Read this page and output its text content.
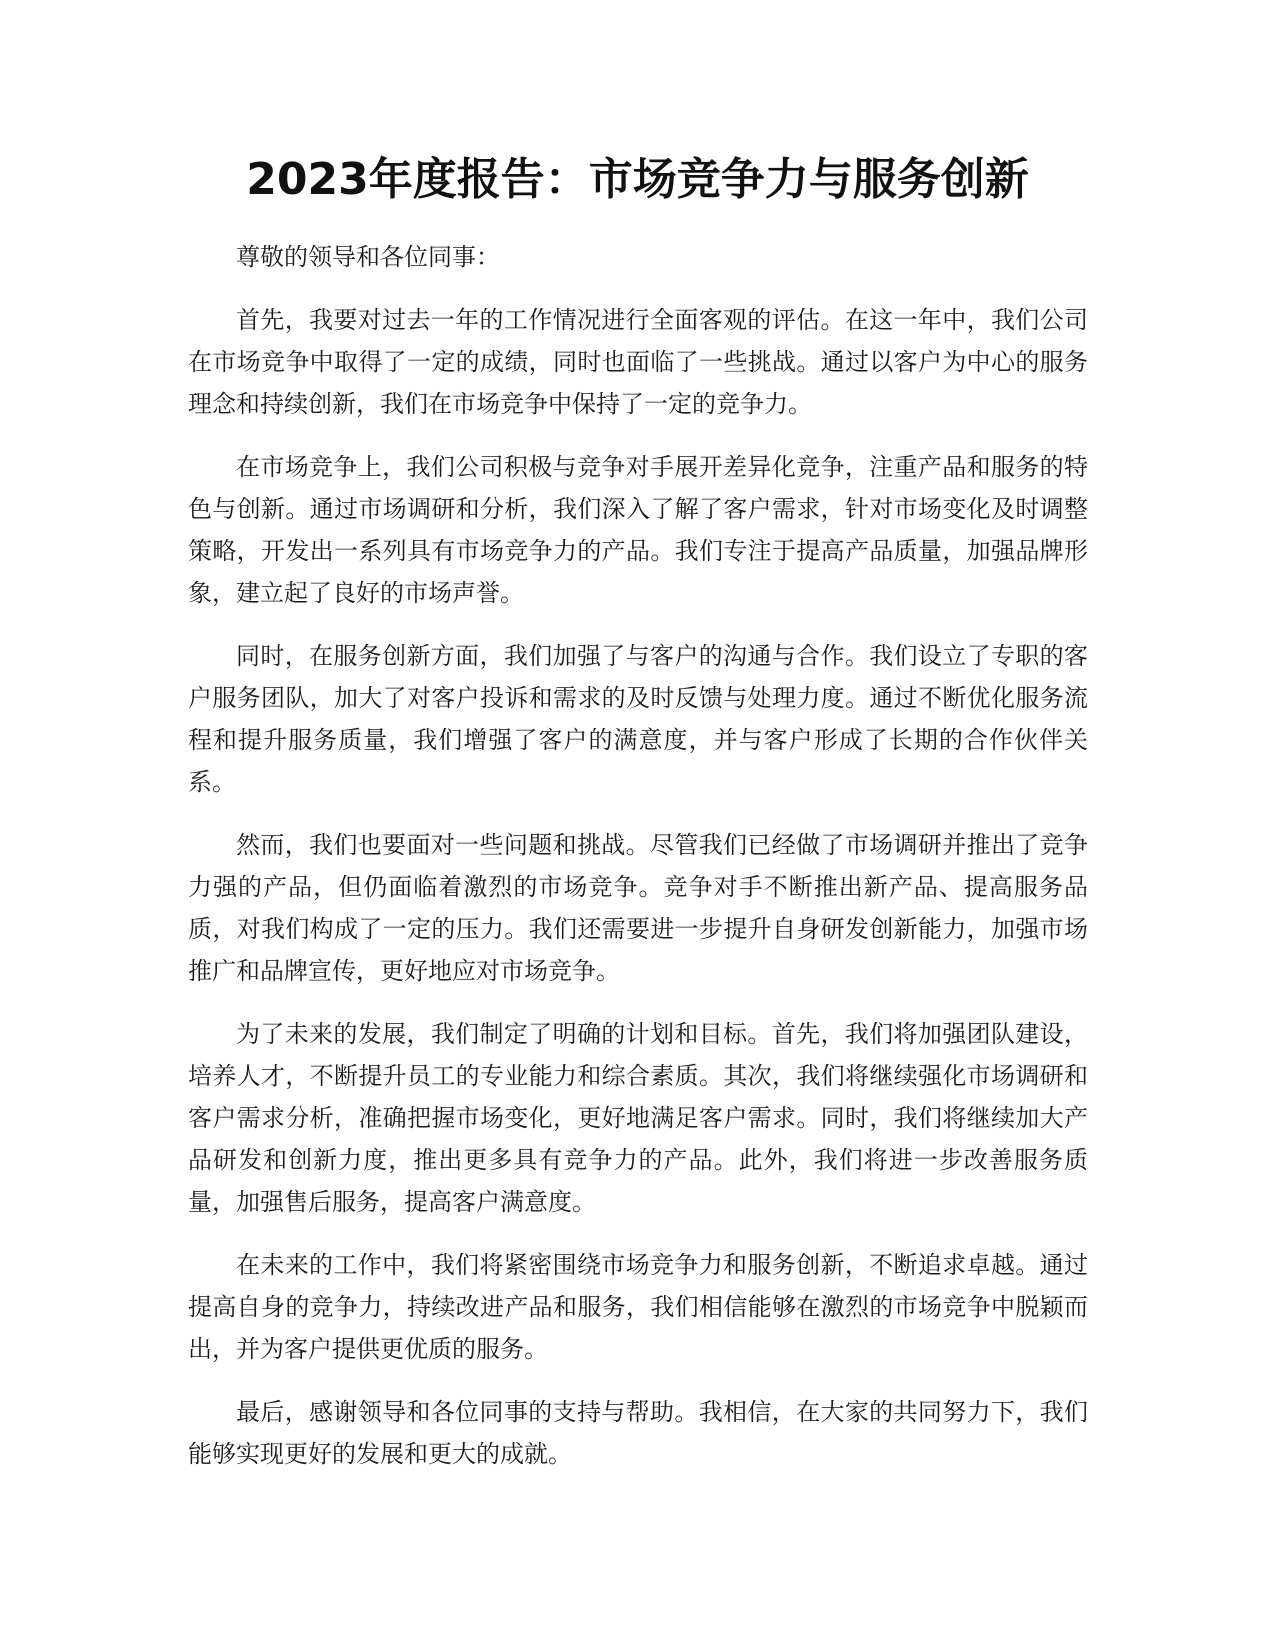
2023年度报告：市场竞争力与服务创新

尊敬的领导和各位同事：

首先，我要对过去一年的工作情况进行全面客观的评估。在这一年中，我们公司在市场竞争中取得了一定的成绩，同时也面临了一些挑战。通过以客户为中心的服务理念和持续创新，我们在市场竞争中保持了一定的竞争力。

在市场竞争上，我们公司积极与竞争对手展开差异化竞争，注重产品和服务的特色与创新。通过市场调研和分析，我们深入了解了客户需求，针对市场变化及时调整策略，开发出一系列具有市场竞争力的产品。我们专注于提高产品质量，加强品牌形象，建立起了良好的市场声誉。

同时，在服务创新方面，我们加强了与客户的沟通与合作。我们设立了专职的客户服务团队，加大了对客户投诉和需求的及时反馈与处理力度。通过不断优化服务流程和提升服务质量，我们增强了客户的满意度，并与客户形成了长期的合作伙伴关系。

然而，我们也要面对一些问题和挑战。尽管我们已经做了市场调研并推出了竞争力强的产品，但仍面临着激烈的市场竞争。竞争对手不断推出新产品、提高服务品质，对我们构成了一定的压力。我们还需要进一步提升自身研发创新能力，加强市场推广和品牌宣传，更好地应对市场竞争。

为了未来的发展，我们制定了明确的计划和目标。首先，我们将加强团队建设，培养人才，不断提升员工的专业能力和综合素质。其次，我们将继续强化市场调研和客户需求分析，准确把握市场变化，更好地满足客户需求。同时，我们将继续加大产品研发和创新力度，推出更多具有竞争力的产品。此外，我们将进一步改善服务质量，加强售后服务，提高客户满意度。

在未来的工作中，我们将紧密围绕市场竞争力和服务创新，不断追求卓越。通过提高自身的竞争力，持续改进产品和服务，我们相信能够在激烈的市场竞争中脱颖而出，并为客户提供更优质的服务。

最后，感谢领导和各位同事的支持与帮助。我相信，在大家的共同努力下，我们能够实现更好的发展和更大的成就。
